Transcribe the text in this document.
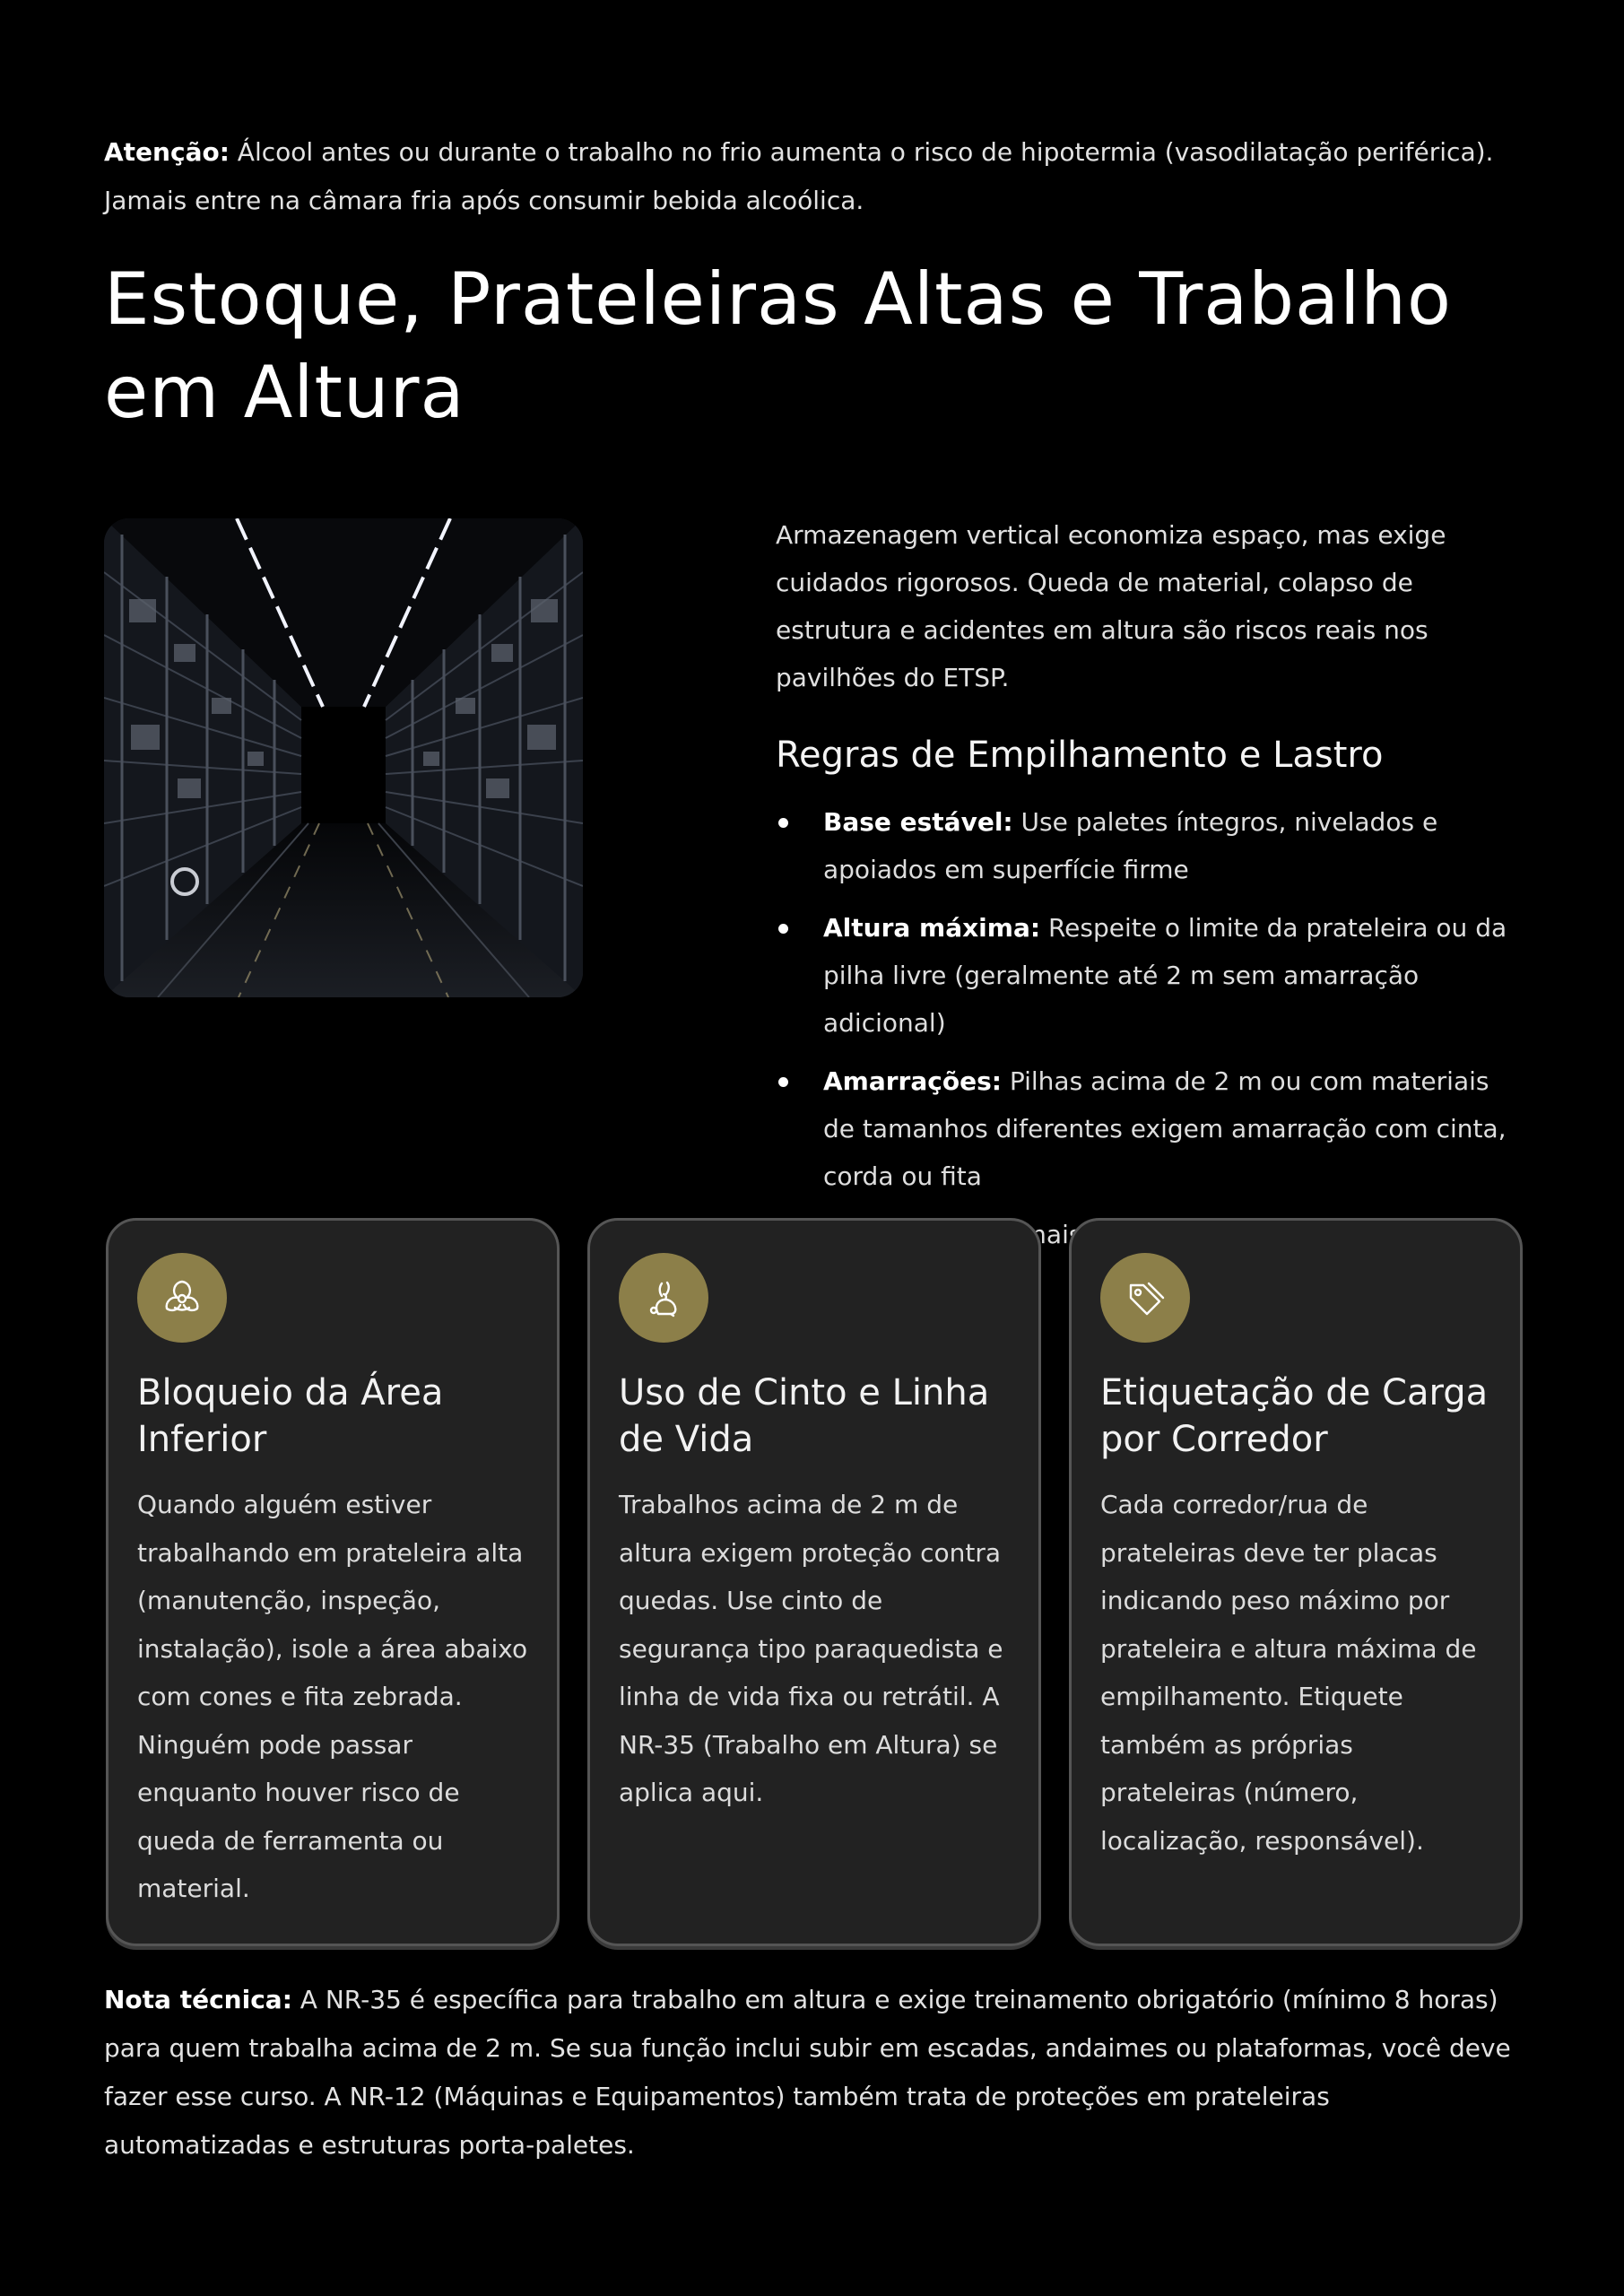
Atenção: Álcool antes ou durante o trabalho no frio aumenta o risco de hipotermia (vasodilatação periférica). Jamais entre na câmara fria após consumir bebida alcoólica.

Estoque, Prateleiras Altas e Trabalho em Altura

Armazenagem vertical economiza espaço, mas exige cuidados rigorosos. Queda de material, colapso de estrutura e acidentes em altura são riscos reais nos pavilhões do ETSP.

Regras de Empilhamento e Lastro
Base estável: Use paletes íntegros, nivelados e apoiados em superfície firme
Altura máxima: Respeite o limite da prateleira ou da pilha livre (geralmente até 2 m sem amarração adicional)
Amarrações: Pilhas acima de 2 m ou com materiais de tamanhos diferentes exigem amarração com cinta, corda ou fita
mais
Bloqueio da Área Inferior

Quando alguém estiver trabalhando em prateleira alta (manutenção, inspeção, instalação), isole a área abaixo com cones e fita zebrada. Ninguém pode passar enquanto houver risco de queda de ferramenta ou material.

Uso de Cinto e Linha de Vida

Trabalhos acima de 2 m de altura exigem proteção contra quedas. Use cinto de segurança tipo paraquedista e linha de vida fixa ou retrátil. A NR-35 (Trabalho em Altura) se aplica aqui.

Etiquetação de Carga por Corredor

Cada corredor/rua de prateleiras deve ter placas indicando peso máximo por prateleira e altura máxima de empilhamento. Etiquete também as próprias prateleiras (número, localização, responsável).

Nota técnica: A NR-35 é específica para trabalho em altura e exige treinamento obrigatório (mínimo 8 horas) para quem trabalha acima de 2 m. Se sua função inclui subir em escadas, andaimes ou plataformas, você deve fazer esse curso. A NR-12 (Máquinas e Equipamentos) também trata de proteções em prateleiras automatizadas e estruturas porta-paletes.
